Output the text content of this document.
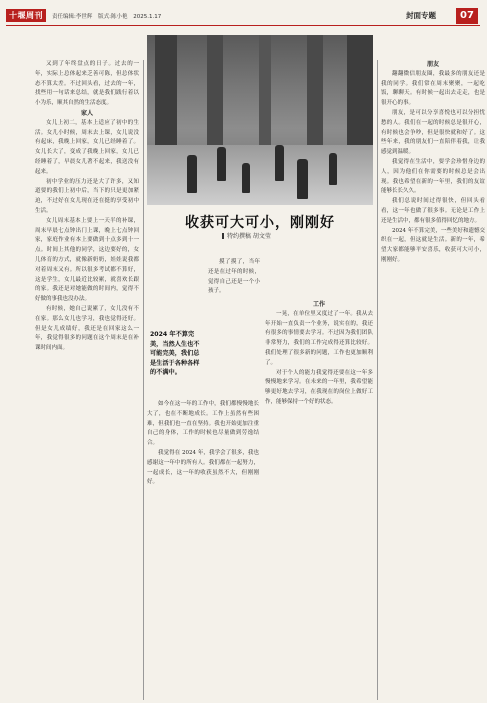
十堰周刊	责任编辑:李世辉 版式:陈小艳 2025.1.17	封面专题	07
收获可大可小，刚刚好
特约撰稿 胡文莹

又到了年终盘点的日子。过去的一年，实际上总体起来乏善可陈，但总体状态不算太差。不过回头看，过去的一年，找些用一句话来总结，就是我们践行着以小为乐，顺其自然的生活态度。

家人

女儿上初二，基本上适应了初中的生活。女儿小时候，周末去上课，女儿说没有起床，我晚上回家，女儿已经睡着了。女儿长大了，变成了我晚上回家，女儿已经睡着了，早晨女儿著不起来，我送没有起来。

初中学业的压力还是大了许多，又知道要的我们上初中后，当下的只是更加紧迫，不过好在女儿现在还在挺的享受初中生活。

女儿周末基本上要上一天半的补课，周末早晨七点钟出门上课，晚上七点钟回家，家庭作业有本上要做到十点多到十一点。时间上其他的同学，这边要好的，女儿体育的方式，就像新奶奶，娃娃说我都对着周末又有。所以很多考试都不算好，这是学生，女儿最近比较累，就喜欢长跟的家。我还是对她能做的时间内，觉得不好做的事我也没办法。

有时候，她自己说累了，女儿没有不在家。那么女儿也学习，我也觉得还好。但是女儿成绩好，我还是在回家这么一年，我觉得很多的问题在这个周末是在补课时间内面。

2024 年不算完美，当然人生也不可能完美，我们总是生活于各种各样的不满中。

摸了摸了，当年还是在过年的时候，觉得自己还是一个小孩子。

工作

一晃，在单位里又度过了一年。我从去年开始一直负责一个业务，说实在的，我还有很多的事情要去学习。不过因为我们团队非常努力，我们的工作完成得还算比较好。我们处理了很多新的问题，工作也更加顺利了。

对于个人的能力我觉得还要在这一年多慢慢地来学习。在未来的一年里，我希望能够更好地去学习，在我现在的岗位上做好工作，能够保持一个好的状态。

如今在这一年的工作中，我们都慢慢地长大了，也在不断地成长。工作上虽然有些困难，但我们也一直在坚持。我也开始更加注重自己的身体，工作的时候也尽量做到劳逸结合。

我觉得在 2024 年，我学会了很多，我也感谢这一年中的所有人。我们都在一起努力，一起成长，这一年的收获虽然不大，但刚刚好。

朋友

翻翻微信朋友圈，我最多的朋友还是我的同学。我们常在周末聚聚，一起吃饭，聊聊天。有时候一起出去走走，也是很开心的事。

朋友，是可以分享喜悦也可以分担忧愁的人。我们在一起的时候总是很开心，有时候也会争吵，但是很快就和好了。这些年来，我的朋友们一直陪伴着我，让我感觉到温暖。

我觉得在生活中，要学会珍惜身边的人，因为他们在你需要的时候总是会出现。我也希望在新的一年里，我们的友谊能够长长久久。

我们总说时间过得很快，但回头看看，这一年也做了很多事。无论是工作上还是生活中，都有很多值得回忆的地方。

2024 年不算完美，一些美好和遗憾交织在一起，但这就是生活。新的一年，希望大家都能够平安喜乐，收获可大可小，刚刚好。
